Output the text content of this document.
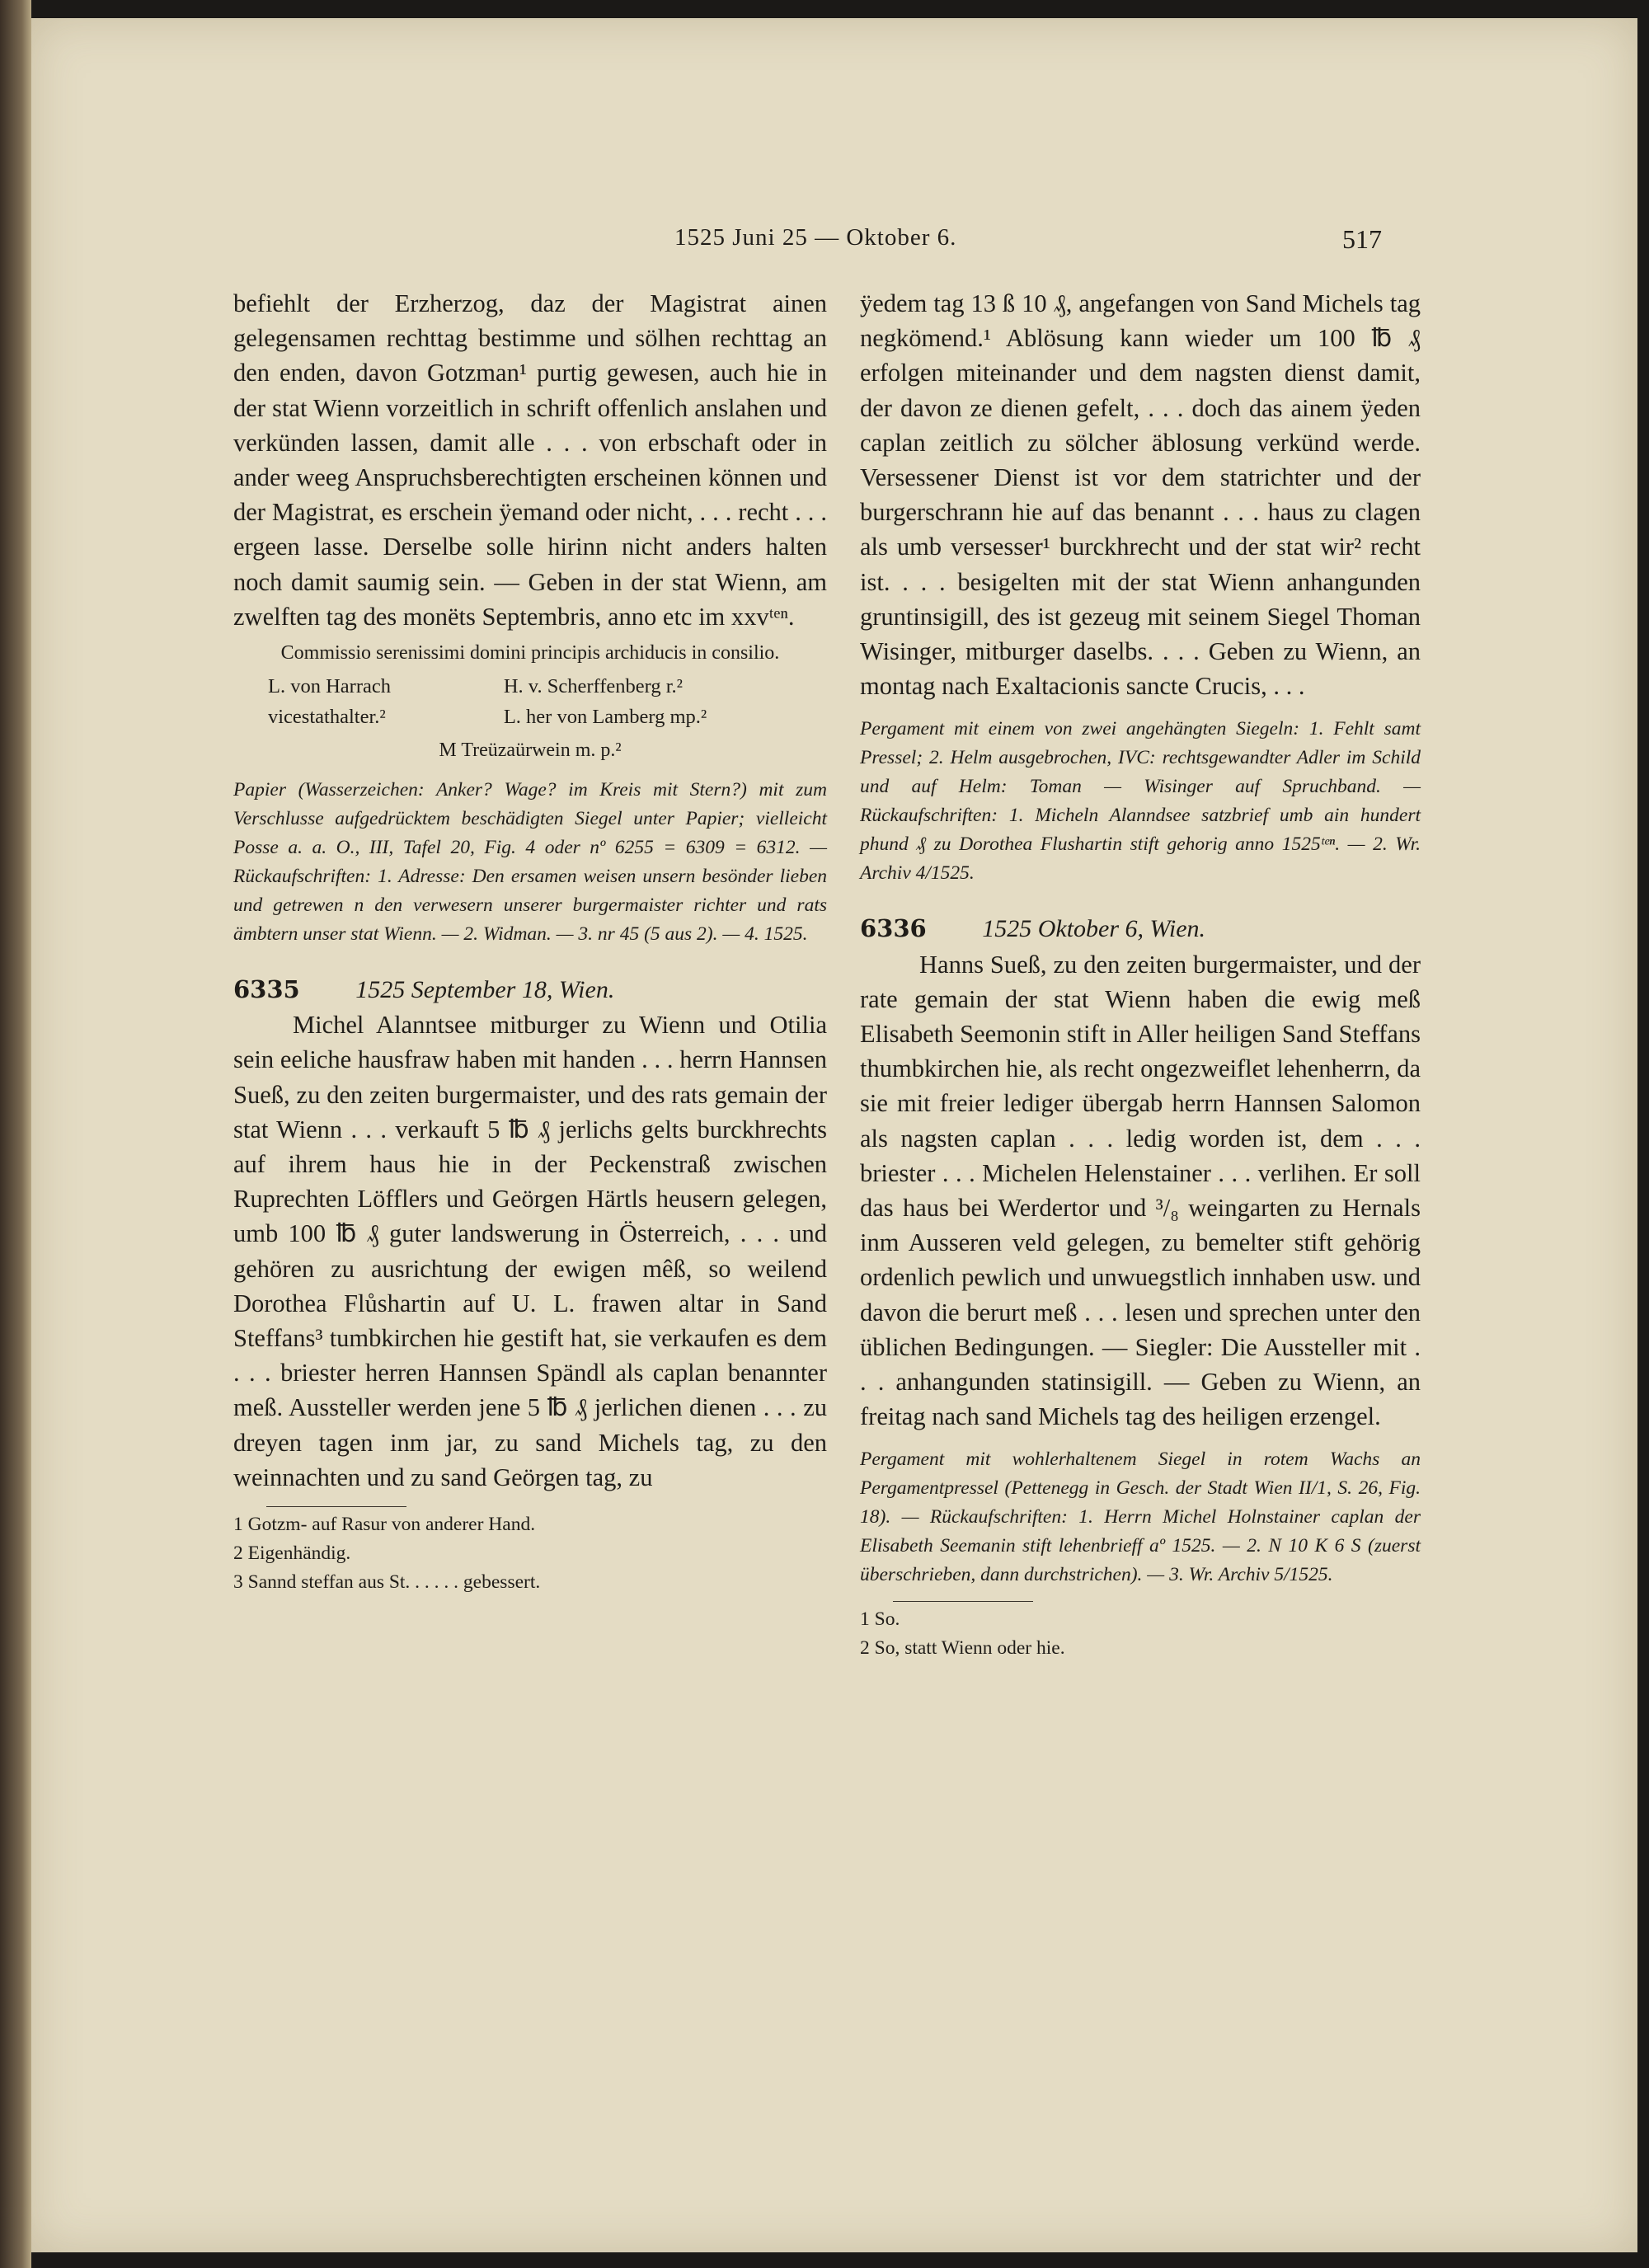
1525 Juni 25 — Oktober 6.	517

befiehlt der Erzherzog, daz der Magistrat ainen gelegensamen rechttag bestimme und sölhen rechttag an den enden, davon Gotzman¹ purtig gewesen, auch hie in der stat Wienn vorzeitlich in schrift offenlich anslahen und verkünden lassen, damit alle . . . von erbschaft oder in ander weeg Anspruchsberechtigten erscheinen können und der Magistrat, es erschein ÿemand oder nicht, . . . recht . . . ergeen lasse. Derselbe solle hirinn nicht anders halten noch damit saumig sein. — Geben in der stat Wienn, am zwelften tag des monëts Septembris, anno etc im xxvᵗᵉⁿ.

Commissio serenissimi domini principis archiducis in consilio.

L. von Harrach	H. v. Scherffenberg r.²
vicestathalter.²	L. her von Lamberg mp.²

M Treüzaürwein m. p.²

Papier (Wasserzeichen: Anker? Wage? im Kreis mit Stern?) mit zum Verschlusse aufgedrücktem beschädigten Siegel unter Papier; vielleicht Posse a. a. O., III, Tafel 20, Fig. 4 oder nº 6255 = 6309 = 6312. — Rückaufschriften: 1. Adresse: Den ersamen weisen unsern besönder lieben und getrewen n den verwesern unserer burgermaister richter und rats ämbtern unser stat Wienn. — 2. Widman. — 3. nr 45 (5 aus 2). — 4. 1525.

6335 1525 September 18, Wien.

Michel Alanntsee mitburger zu Wienn und Otilia sein eeliche hausfraw haben mit handen . . . herrn Hannsen Sueß, zu den zeiten burgermaister, und des rats gemain der stat Wienn . . . verkauft 5 ℔ ₰ jerlichs gelts burckhrechts auf ihrem haus hie in der Peckenstraß zwischen Ruprechten Löfflers und Geörgen Härtls heusern gelegen, umb 100 ℔ ₰ guter landswerung in Österreich, . . . und gehören zu ausrichtung der ewigen mêß, so weilend Dorothea Flůshartin auf U. L. frawen altar in Sand Steffans³ tumbkirchen hie gestift hat, sie verkaufen es dem . . . briester herren Hannsen Spändl als caplan benannter meß. Aussteller werden jene 5 ℔ ₰ jerlichen dienen . . . zu dreyen tagen inm jar, zu sand Michels tag, zu den weinnachten und zu sand Geörgen tag, zu

1 Gotzm- auf Rasur von anderer Hand.

2 Eigenhändig.

3 Sannd steffan aus St. . . . . . gebessert.

ÿedem tag 13 ß 10 ₰, angefangen von Sand Michels tag negkömend.¹ Ablösung kann wieder um 100 ℔ ₰ erfolgen miteinander und dem nagsten dienst damit, der davon ze dienen gefelt, . . . doch das ainem ÿeden caplan zeitlich zu sölcher äblosung verkünd werde. Versessener Dienst ist vor dem statrichter und der burgerschrann hie auf das benannt . . . haus zu clagen als umb versesser¹ burckhrecht und der stat wir² recht ist. . . . besigelten mit der stat Wienn anhangunden gruntinsigill, des ist gezeug mit seinem Siegel Thoman Wisinger, mitburger daselbs. . . . Geben zu Wienn, an montag nach Exaltacionis sancte Crucis, . . .

Pergament mit einem von zwei angehängten Siegeln: 1. Fehlt samt Pressel; 2. Helm ausgebrochen, IVC: rechtsgewandter Adler im Schild und auf Helm: Toman — Wisinger auf Spruchband. — Rückaufschriften: 1. Micheln Alanndsee satzbrief umb ain hundert phund ₰ zu Dorothea Flushartin stift gehorig anno 1525ᵗᵉⁿ. — 2. Wr. Archiv 4/1525.

6336 1525 Oktober 6, Wien.

Hanns Sueß, zu den zeiten burgermaister, und der rate gemain der stat Wienn haben die ewig meß Elisabeth Seemonin stift in Aller heiligen Sand Steffans thumbkirchen hie, als recht ongezweiflet lehenherrn, da sie mit freier lediger übergab herrn Hannsen Salomon als nagsten caplan . . . ledig worden ist, dem . . . briester . . . Michelen Helenstainer . . . verlihen. Er soll das haus bei Werdertor und ³/₈ weingarten zu Hernals inm Ausseren veld gelegen, zu bemelter stift gehörig ordenlich pewlich und unwuegstlich innhaben usw. und davon die berurt meß . . . lesen und sprechen unter den üblichen Bedingungen. — Siegler: Die Aussteller mit . . . anhangunden statinsigill. — Geben zu Wienn, an freitag nach sand Michels tag des heiligen erzengel.

Pergament mit wohlerhaltenem Siegel in rotem Wachs an Pergamentpressel (Pettenegg in Gesch. der Stadt Wien II/1, S. 26, Fig. 18). — Rückaufschriften: 1. Herrn Michel Holnstainer caplan der Elisabeth Seemanin stift lehenbrieff aº 1525. — 2. N 10 K 6 S (zuerst überschrieben, dann durchstrichen). — 3. Wr. Archiv 5/1525.

1 So.

2 So, statt Wienn oder hie.
